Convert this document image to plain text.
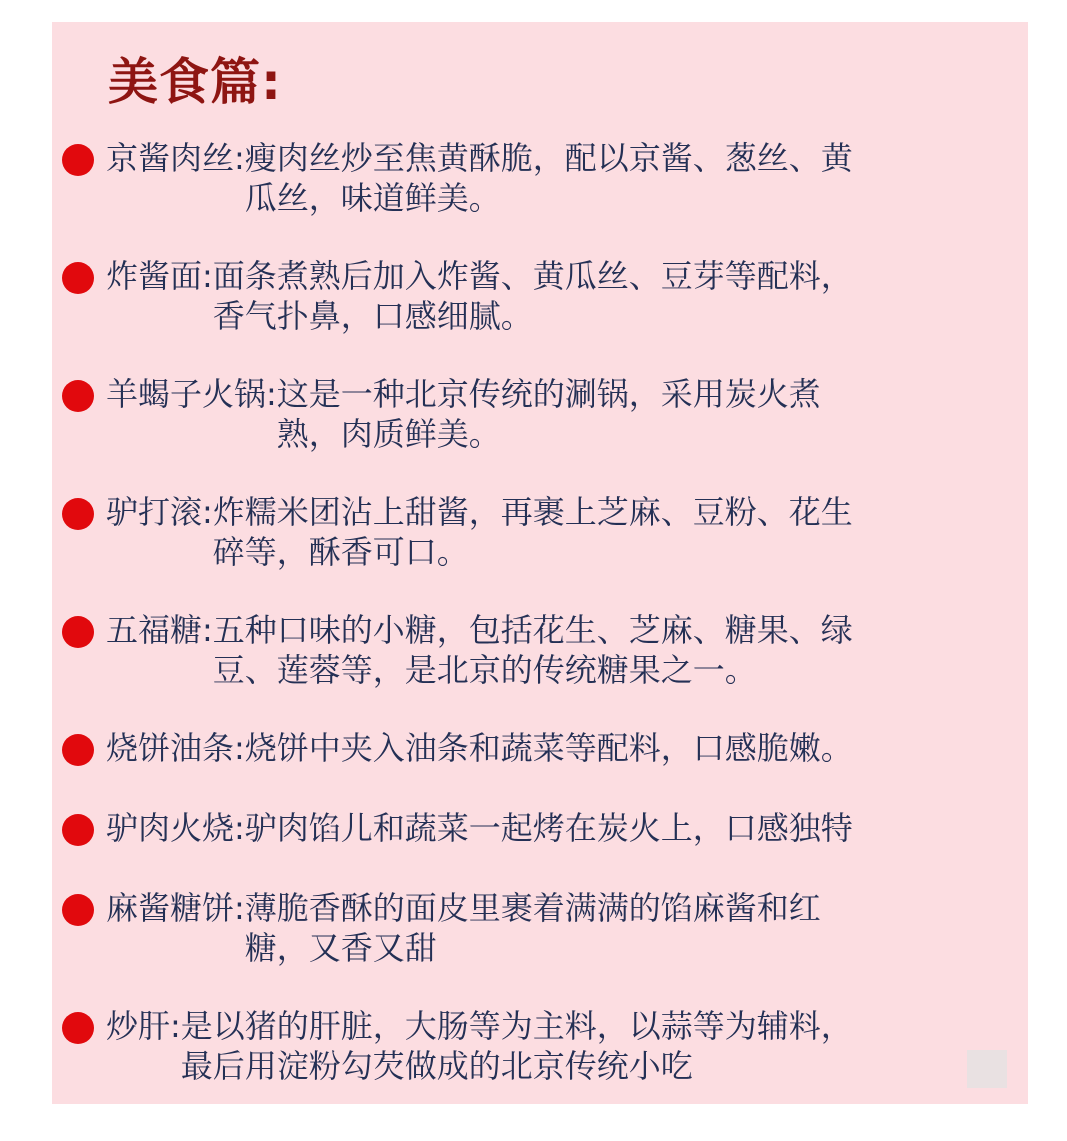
美食篇:
京酱肉丝: 瘦肉丝炒至焦黄酥脆，配以京酱、葱丝、黄
瓜丝，味道鲜美。
炸酱面: 面条煮熟后加入炸酱、黄瓜丝、豆芽等配料，
香气扑鼻，口感细腻。
羊蝎子火锅: 这是一种北京传统的涮锅，采用炭火煮
熟，肉质鲜美。
驴打滚: 炸糯米团沾上甜酱，再裹上芝麻、豆粉、花生
碎等，酥香可口。
五福糖: 五种口味的小糖，包括花生、芝麻、糖果、绿
豆、莲蓉等，是北京的传统糖果之一。
烧饼油条: 烧饼中夹入油条和蔬菜等配料，口感脆嫩。
驴肉火烧: 驴肉馅儿和蔬菜一起烤在炭火上，口感独特
麻酱糖饼: 薄脆香酥的面皮里裹着满满的馅麻酱和红
糖，又香又甜
炒肝: 是以猪的肝脏，大肠等为主料，以蒜等为辅料，
最后用淀粉勾芡做成的北京传统小吃
